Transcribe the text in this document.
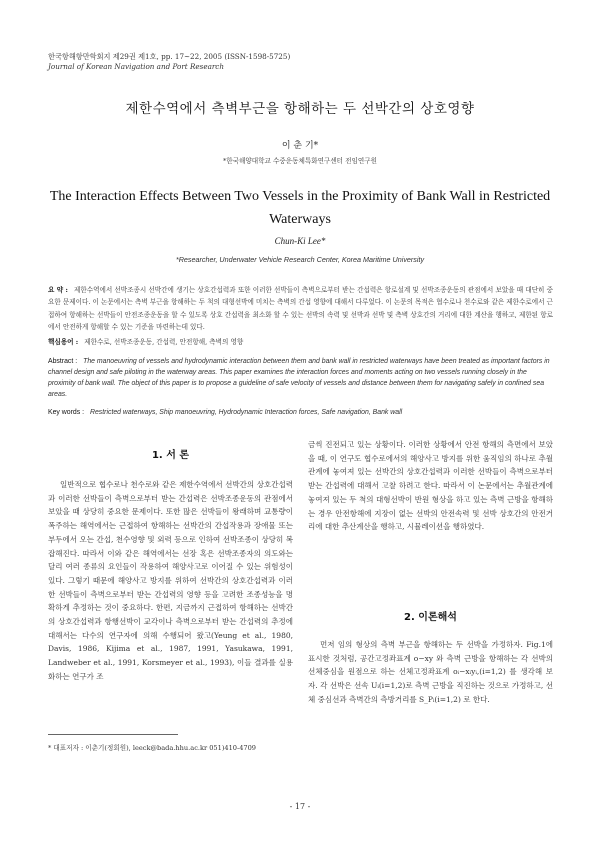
한국항해항만학회지 제29권 제1호, pp. 17~22, 2005 (ISSN-1598-5725)
Journal of Korean Navigation and Port Research
제한수역에서 측벽부근을 항해하는 두 선박간의 상호영향
이 춘 기*
*한국해양대학교 수중운동체특화연구센터 전임연구원
The Interaction Effects Between Two Vessels in the Proximity of Bank Wall in Restricted Waterways
Chun-Ki Lee*
*Researcher, Underwater Vehicle Research Center, Korea Maritime University
요 약 : 제한수역에서 선박조종시 선박간에 생기는 상호간섭력과 또한 이러한 선박들이 측벽으로부터 받는 간섭력은 항로설계 및 선박조종운동의 관점에서 보았을 때 대단히 중요한 문제이다. 이 논문에서는 측벽 부근을 항해하는 두 척의 대형선박에 미치는 측벽의 간섭 영향에 대해서 다루었다. 이 논문의 목적은 협수로나 천수로와 같은 제한수로에서 근접하여 항해하는 선박들이 안전조종운동을 할 수 있도록 상호 간섭력을 최소화 할 수 있는 선박의 속력 및 선박과 선박 및 측벽 상호간의 거리에 대한 계산을 행하고, 제한된 항로에서 안전하게 항해할 수 있는 기준을 마련하는데 있다.
핵심용어 : 제한수로, 선박조종운동, 간섭력, 안전항해, 측벽의 영향
Abstract : The manoeuvring of vessels and hydrodynamic interaction between them and bank wall in restricted waterways have been treated as important factors in channel design and safe piloting in the waterway areas. This paper examines the interaction forces and moments acting on two vessels running closely in the proximity of bank wall. The object of this paper is to propose a guideline of safe velocity of vessels and distance between them for navigating safely in confined sea areas.
Key words : Restricted waterways, Ship manoeuvring, Hydrodynamic Interaction forces, Safe navigation, Bank wall
1. 서 론

일반적으로 협수로나 천수로와 같은 제한수역에서 선박간의 상호간섭력과 이러한 선박들이 측벽으로부터 받는 간섭력은 선박조종운동의 관점에서 보았을 때 상당히 중요한 문제이다. 또한 많은 선박들이 왕래하며 교통량이 폭주하는 해역에서는 근접하여 항해하는 선박간의 간섭작용과 장애물 또는 부두에서 오는 간섭, 천수영향 및 외력 등으로 인하여 선박조종이 상당히 복잡해진다. 따라서 이와 같은 해역에서는 선장 혹은 선박조종자의 의도와는 달리 여러 종류의 요인들이 작용하여 해양사고로 이어질 수 있는 위험성이 있다. 그렇기 때문에 해양사고 방지를 위하여 선박간의 상호간섭력과 이러한 선박들이 측벽으로부터 받는 간섭력의 영향 등을 고려한 조종성능을 명확하게 추정하는 것이 중요하다. 한편, 지금까지 근접하여 항해하는 선박간의 상호간섭력과 항행선박이 교각이나 측벽으로부터 받는 간섭력의 추정에 대해서는 다수의 연구자에 의해 수행되어 왔고(Yeung et al., 1980, Davis, 1986, Kijima et al., 1987, 1991, Yasukawa, 1991, Landweber et al., 1991, Korsmeyer et al., 1993), 이들 결과를 실용화하는 연구가 조

금씩 진전되고 있는 상황이다. 이러한 상황에서 안전 항해의 측면에서 보았을 때, 이 연구도 협수로에서의 해양사고 방지를 위한 움직임의 하나로 추월관계에 놓여져 있는 선박간의 상호간섭력과 이러한 선박들이 측벽으로부터 받는 간섭력에 대해서 고찰 하려고 한다. 따라서 이 논문에서는 추월관계에 놓여져 있는 두 척의 대형선박이 반원 형상을 하고 있는 측벽 근방을 항해하는 경우 안전항해에 지장이 없는 선박의 안전속력 및 선박 상호간의 안전거리에 대한 추산계산을 행하고, 시뮬레이션을 행하였다.

2. 이론해석

먼저 임의 형상의 측벽 부근을 항해하는 두 선박을 가정하자. Fig.1에 표시한 것처럼, 공간고정좌표계 o−xy 와 측벽 근방을 항해하는 각 선박의 선체중심을 원점으로 하는 선체고정좌표계 oᵢ−xᵢyᵢ,(i=1,2) 를 생각해 보자. 각 선박은 선속 Uᵢ(i=1,2)로 측벽 근방을 직진하는 것으로 가정하고, 선체 중심선과 측벽간의 측방거리를 S_Pᵢ(i=1,2) 로 한다.

* 대표저자 : 이춘기(정회원), leeck@bada.hhu.ac.kr 051)410-4709
- 17 -
